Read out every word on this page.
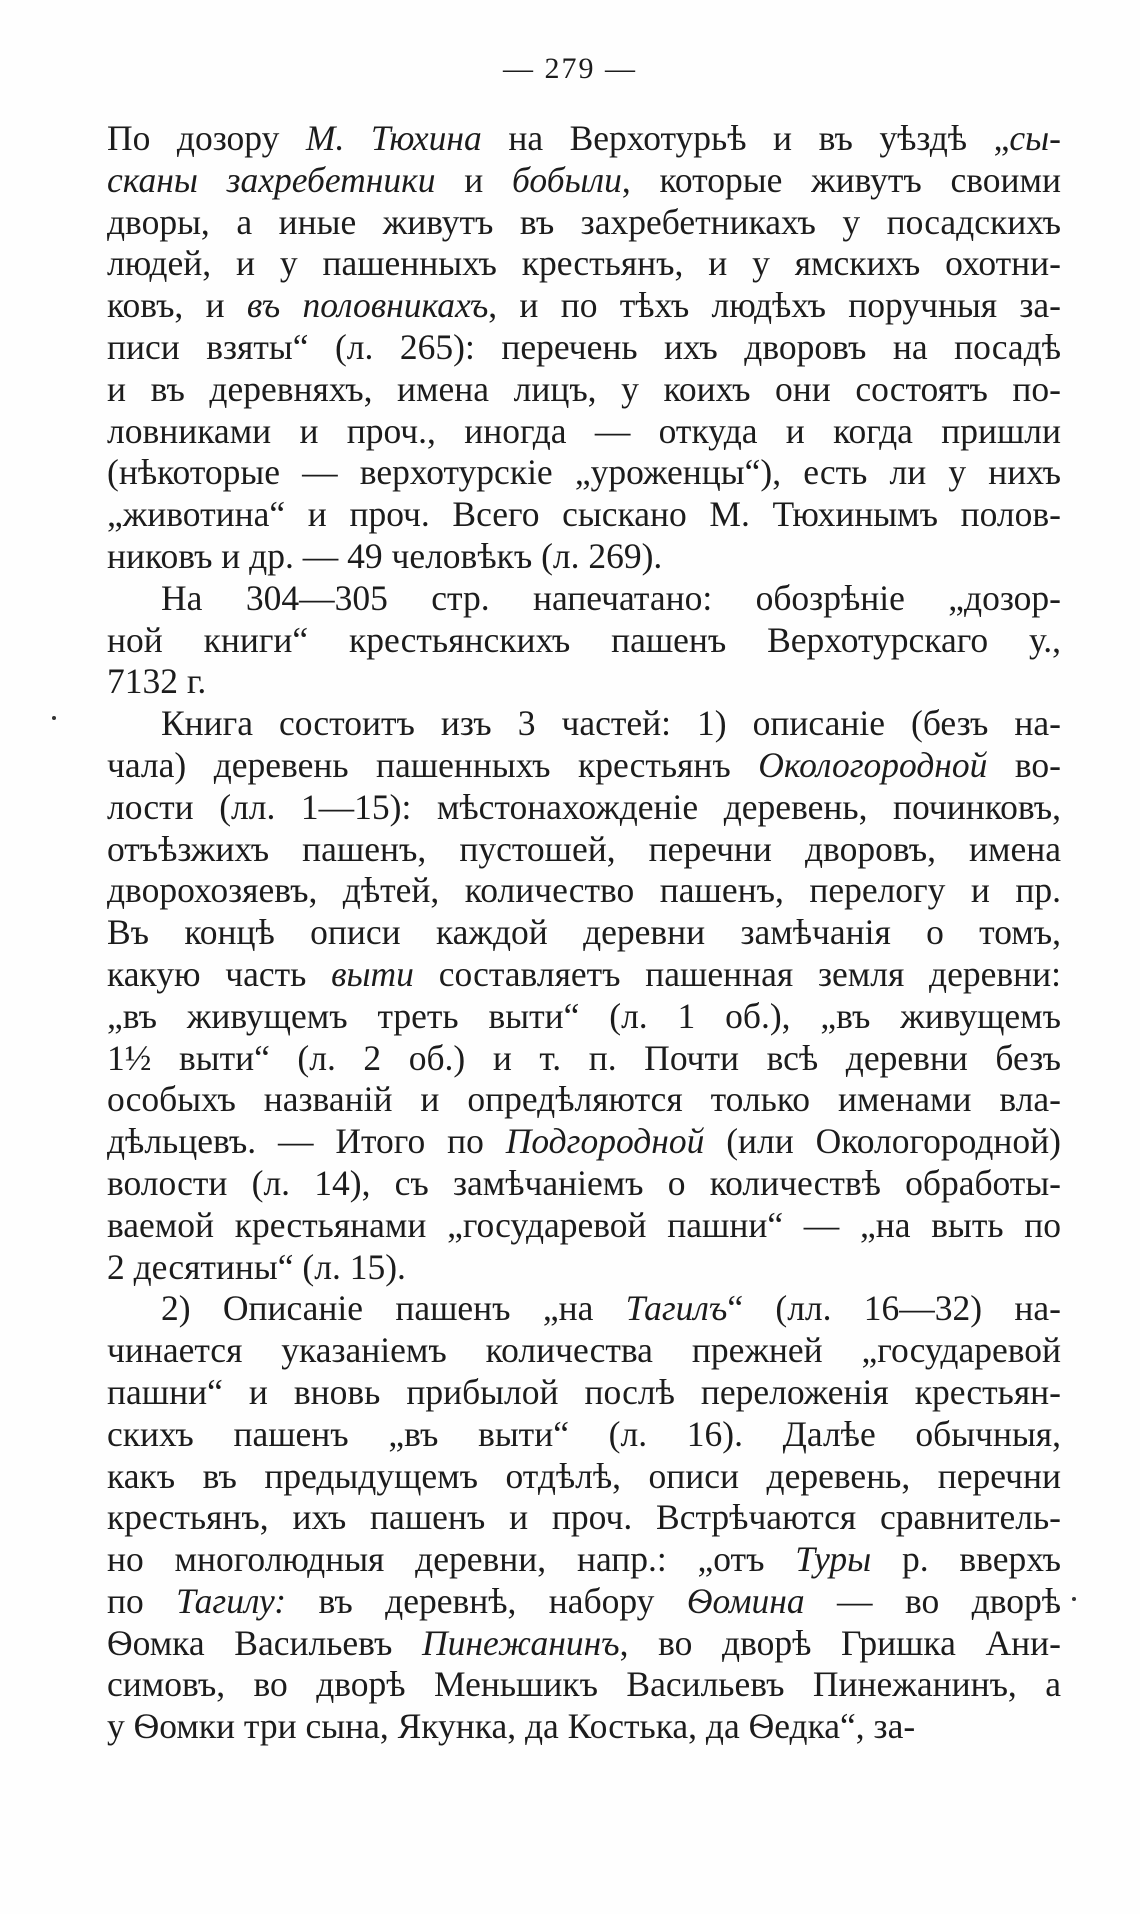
— 279 —
По дозору М. Тюхина на Верхотурьѣ и въ уѣздѣ „сы-
сканы захребетники и бобыли, которые живутъ своими
дворы, а иные живутъ въ захребетникахъ у посадскихъ
людей, и у пашенныхъ крестьянъ, и у ямскихъ охотни-
ковъ, и въ половникахъ, и по тѣхъ людѣхъ поручныя за-
писи взяты“ (л. 265): перечень ихъ дворовъ на посадѣ
и въ деревняхъ, имена лицъ, у коихъ они состоятъ по-
ловниками и проч., иногда — откуда и когда пришли
(нѣкоторые — верхотурскіе „уроженцы“), есть ли у нихъ
„животина“ и проч. Всего сыскано М. Тюхинымъ полов-
никовъ и др. — 49 человѣкъ (л. 269).
На 304—305 стр. напечатано: обозрѣніе „дозор-
ной книги“ крестьянскихъ пашенъ Верхотурскаго у.,
7132 г.
Книга состоитъ изъ 3 частей: 1) описаніе (безъ на-
чала) деревень пашенныхъ крестьянъ Окологородной во-
лости (лл. 1—15): мѣстонахожденіе деревень, починковъ,
отъѣзжихъ пашенъ, пустошей, перечни дворовъ, имена
дворохозяевъ, дѣтей, количество пашенъ, перелогу и пр.
Въ концѣ описи каждой деревни замѣчанія о томъ,
какую часть выти составляетъ пашенная земля деревни:
„въ живущемъ треть выти“ (л. 1 об.), „въ живущемъ
1½ выти“ (л. 2 об.) и т. п. Почти всѣ деревни безъ
особыхъ названій и опредѣляются только именами вла-
дѣльцевъ. — Итого по Подгородной (или Окологородной)
волости (л. 14), съ замѣчаніемъ о количествѣ обработы-
ваемой крестьянами „государевой пашни“ — „на выть по
2 десятины“ (л. 15).
2) Описаніе пашенъ „на Тагилъ“ (лл. 16—32) на-
чинается указаніемъ количества прежней „государевой
пашни“ и вновь прибылой послѣ переложенія крестьян-
скихъ пашенъ „въ выти“ (л. 16). Далѣе обычныя,
какъ въ предыдущемъ отдѣлѣ, описи деревень, перечни
крестьянъ, ихъ пашенъ и проч. Встрѣчаются сравнитель-
но многолюдныя деревни, напр.: „отъ Туры р. вверхъ
по Тагилу: въ деревнѣ, набору Ѳомина — во дворѣ
Ѳомка Васильевъ Пинежанинъ, во дворѣ Гришка Ани-
симовъ, во дворѣ Меньшикъ Васильевъ Пинежанинъ, а
у Ѳомки три сына, Якунка, да Костька, да Ѳедка“, за-
